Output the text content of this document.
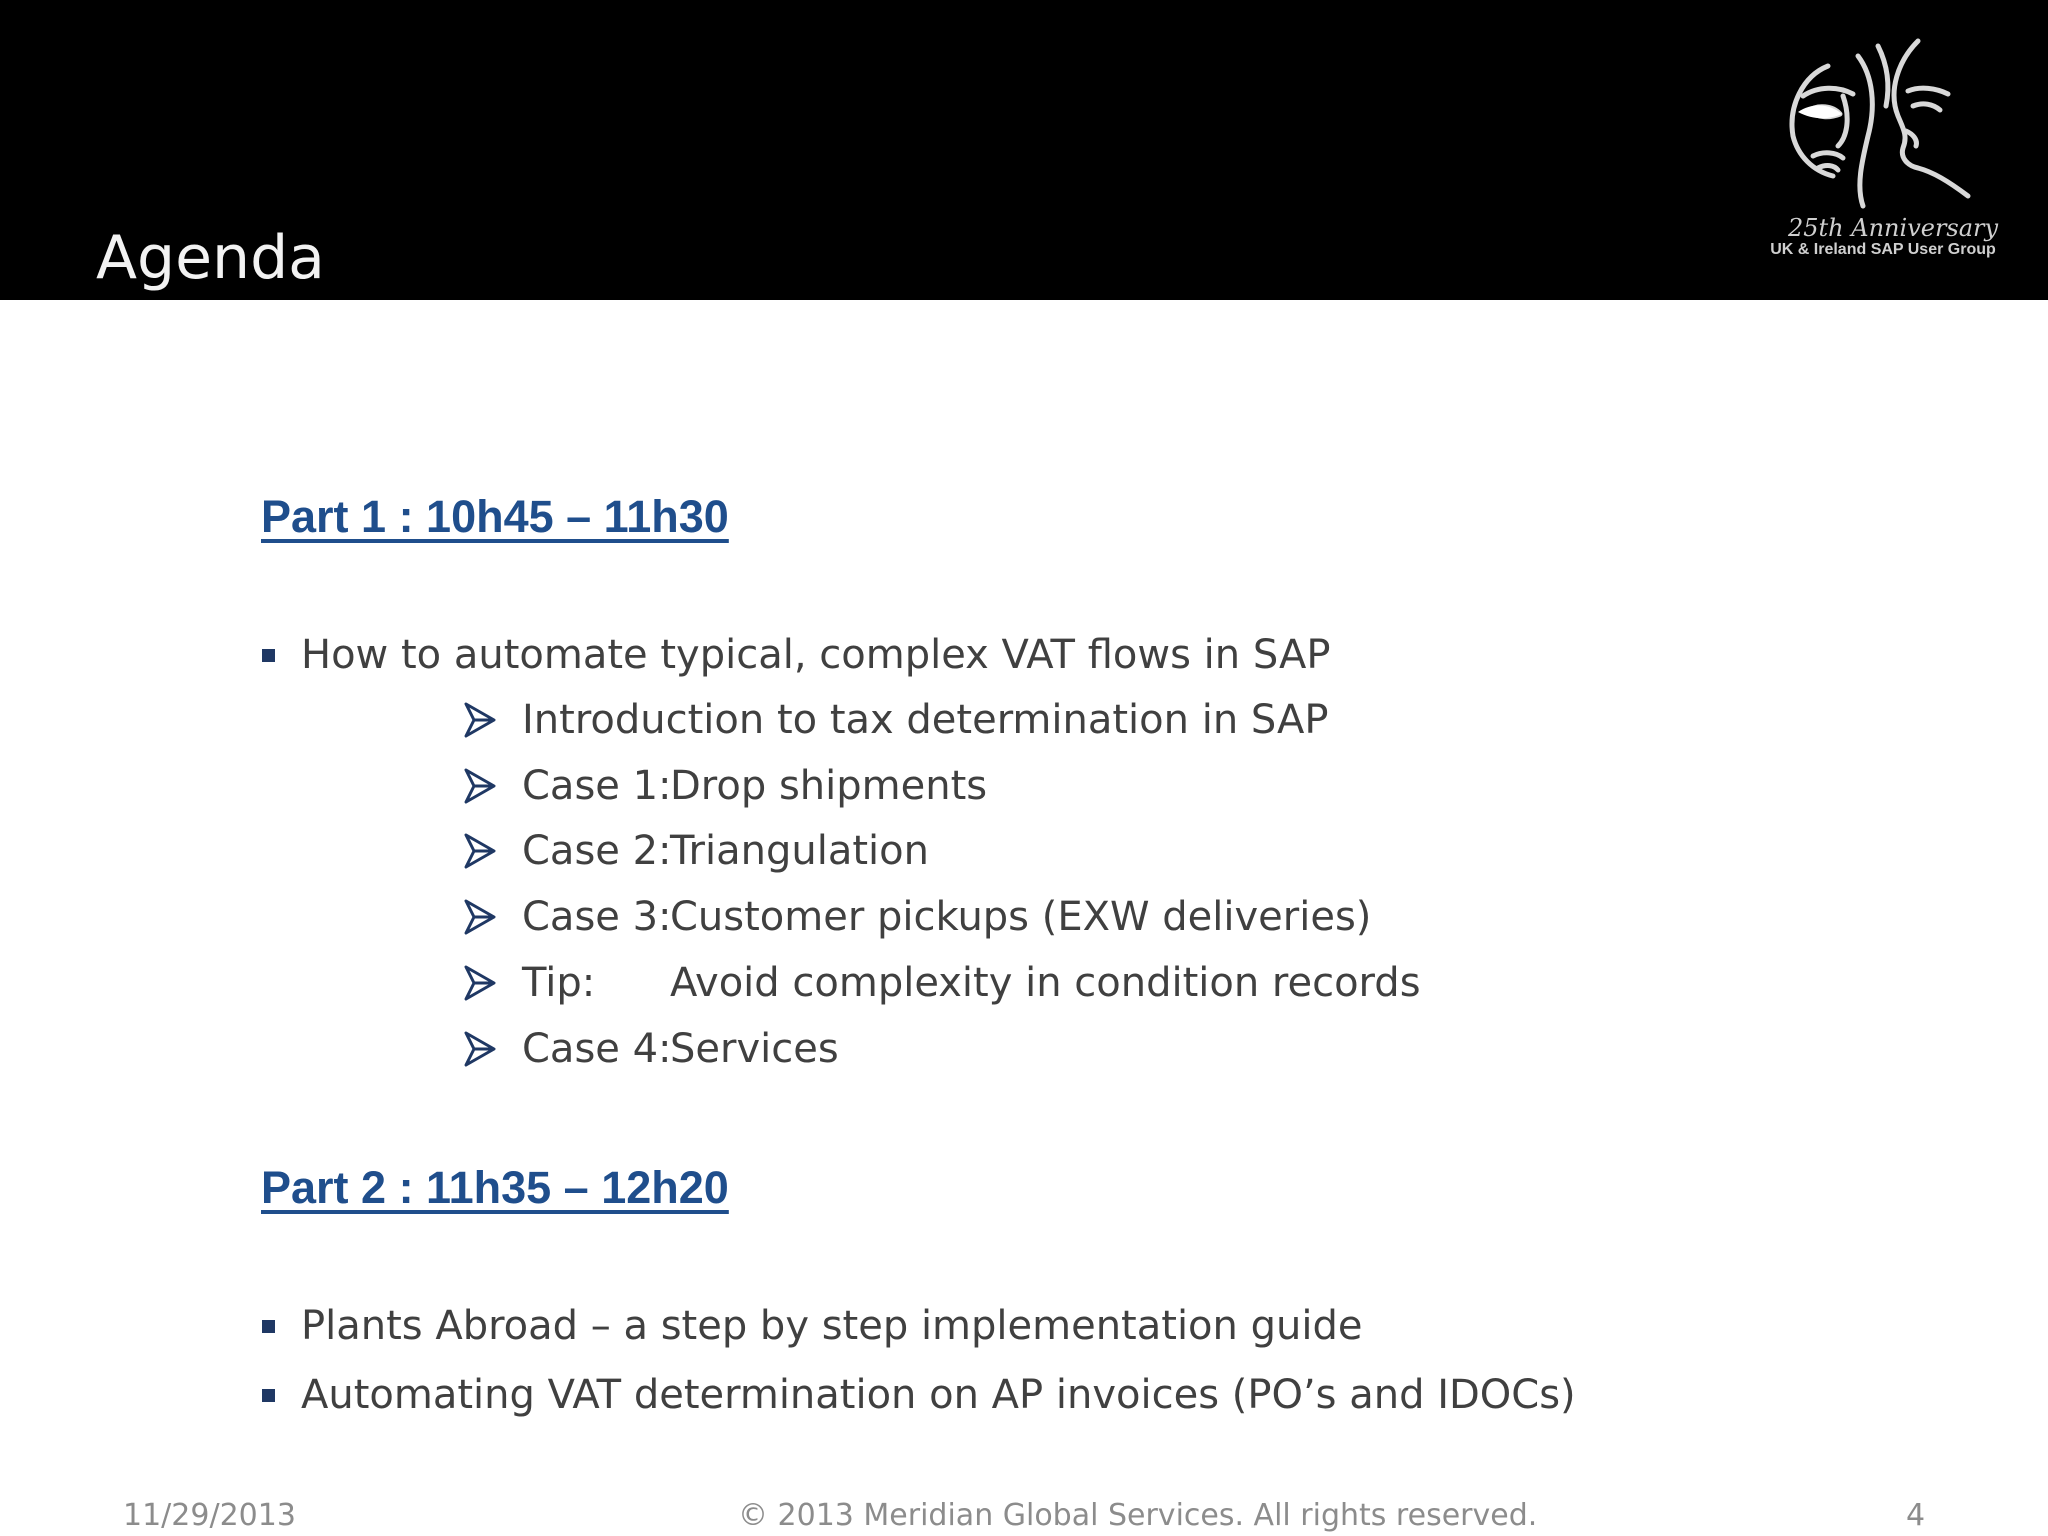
Agenda	25th Anniversary
UK & Ireland SAP User Group
Part 1 : 10h45 – 11h30
How to automate typical, complex VAT flows in SAP
Introduction to tax determination in SAP
Case 1:
Drop shipments
Case 2:
Triangulation
Case 3:
Customer pickups (EXW deliveries)
Tip:	Avoid complexity in condition records
Case 4:
Services
Part 2 : 11h35 – 12h20
Plants Abroad – a step by step implementation guide
Automating VAT determination on AP invoices (PO’s and IDOCs)
11/29/2013	© 2013 Meridian Global Services. All rights reserved.	4
